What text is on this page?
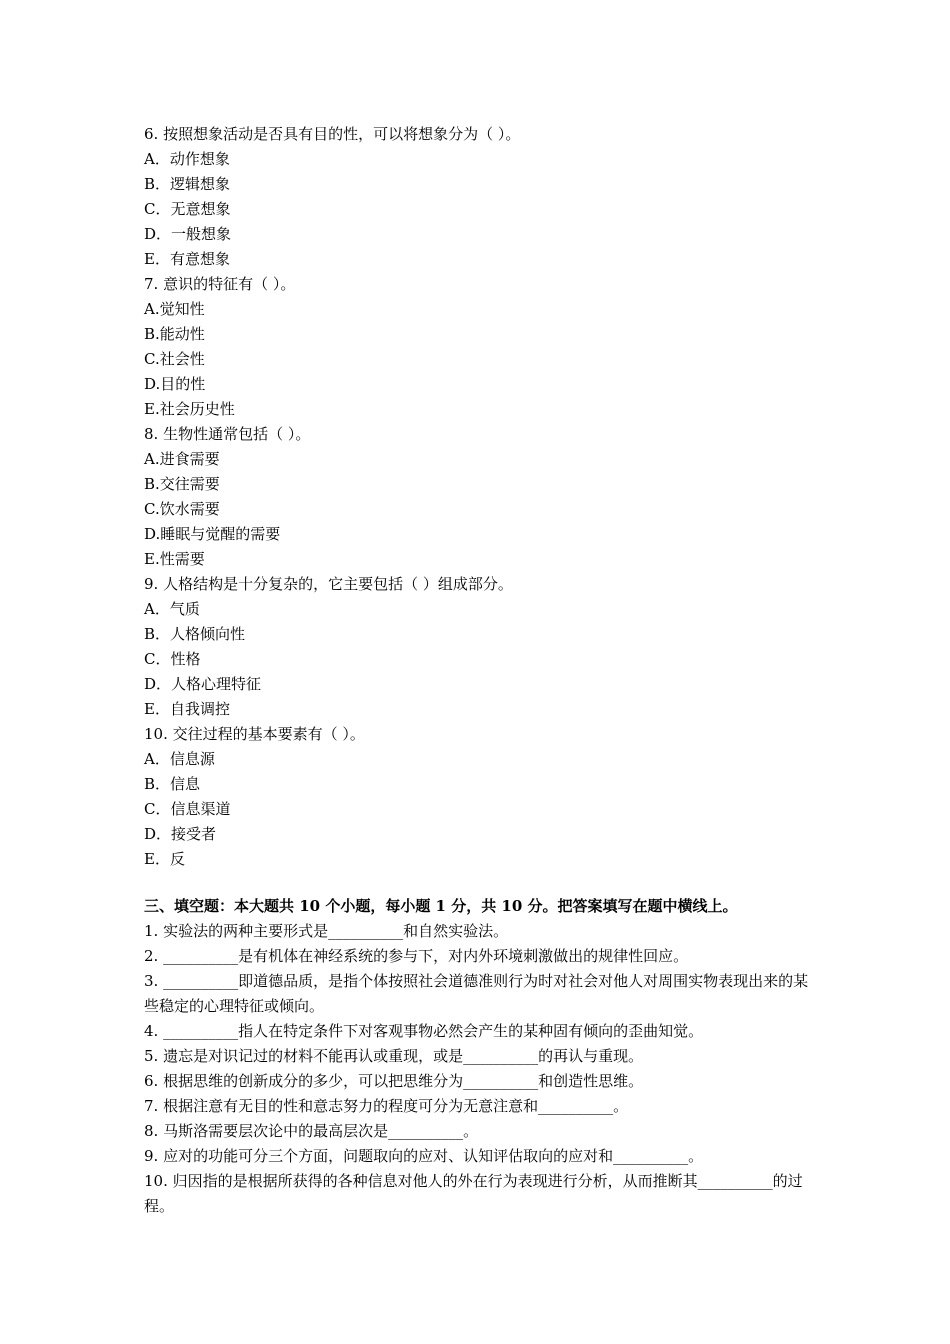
6. 按照想象活动是否具有目的性，可以将想象分为（ ）。
A．动作想象
B．逻辑想象
C．无意想象
D．一般想象
E．有意想象
7. 意识的特征有（ ）。
A.觉知性
B.能动性
C.社会性
D.目的性
E.社会历史性
8. 生物性通常包括（ ）。
A.进食需要
B.交往需要
C.饮水需要
D.睡眠与觉醒的需要
E.性需要
9. 人格结构是十分复杂的，它主要包括（ ）组成部分。
A．气质
B．人格倾向性
C．性格
D．人格心理特征
E．自我调控
10. 交往过程的基本要素有（ ）。
A．信息源
B．信息
C．信息渠道
D．接受者
E．反
三、填空题：本大题共 10 个小题，每小题 1 分，共 10 分。把答案填写在题中横线上。
1. 实验法的两种主要形式是__________和自然实验法。
2. __________是有机体在神经系统的参与下，对内外环境刺激做出的规律性回应。
3. __________即道德品质，是指个体按照社会道德准则行为时对社会对他人对周围实物表现出来的某些稳定的心理特征或倾向。
4. __________指人在特定条件下对客观事物必然会产生的某种固有倾向的歪曲知觉。
5. 遗忘是对识记过的材料不能再认或重现，或是__________的再认与重现。
6. 根据思维的创新成分的多少，可以把思维分为__________和创造性思维。
7. 根据注意有无目的性和意志努力的程度可分为无意注意和__________。
8. 马斯洛需要层次论中的最高层次是__________。
9. 应对的功能可分三个方面，问题取向的应对、认知评估取向的应对和__________。
10. 归因指的是根据所获得的各种信息对他人的外在行为表现进行分析，从而推断其__________的过程。
